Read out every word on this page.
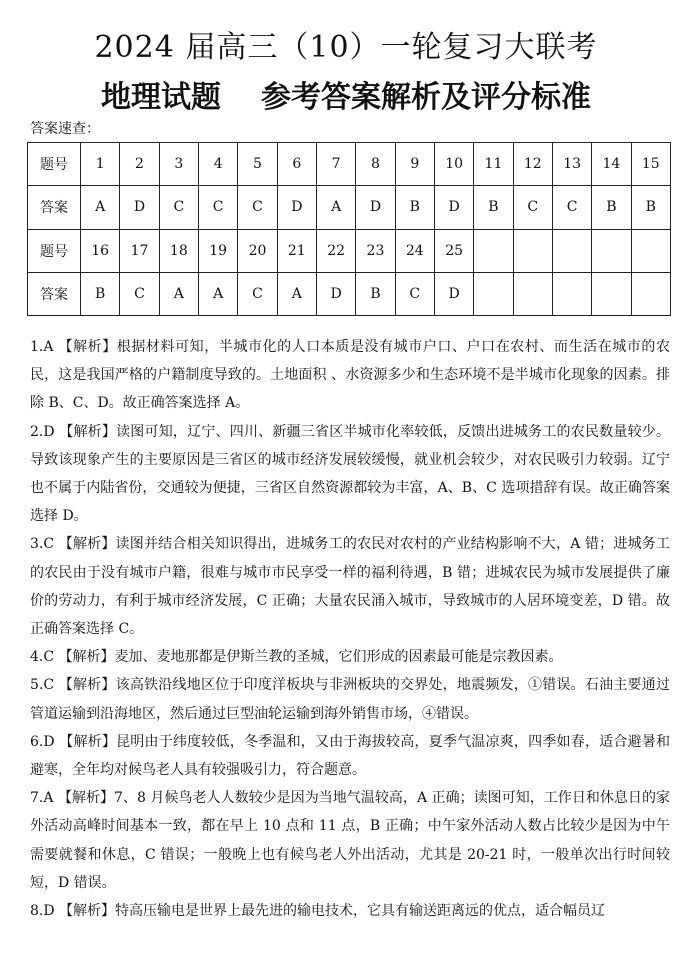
2024 届高三（10）一轮复习大联考
地理试题 参考答案解析及评分标准
答案速查：
题号	1	2	3	4	5	6	7	8	9	10	11	12	13	14	15
答案	A	D	C	C	C	D	A	D	B	D	B	C	C	B	B
题号	16	17	18	19	20	21	22	23	24	25					
答案	B	C	A	A	C	A	D	B	C	D					

1.A 【解析】根据材料可知，半城市化的人口本质是没有城市户口、户口在农村、而生活在城市的农民，这是我国严格的户籍制度导致的。土地面积 、水资源多少和生态环境不是半城市化现象的因素。排除 B、C、D。故正确答案选择 A。

2.D 【解析】读图可知，辽宁、四川、新疆三省区半城市化率较低，反馈出进城务工的农民数量较少。导致该现象产生的主要原因是三省区的城市经济发展较缓慢，就业机会较少，对农民吸引力较弱。辽宁也不属于内陆省份，交通较为便捷，三省区自然资源都较为丰富，A、B、C 选项措辞有误。故正确答案选择 D。

3.C 【解析】读图并结合相关知识得出，进城务工的农民对农村的产业结构影响不大，A 错；进城务工的农民由于没有城市户籍，很难与城市市民享受一样的福利待遇，B 错；进城农民为城市发展提供了廉价的劳动力，有利于城市经济发展，C 正确；大量农民涌入城市，导致城市的人居环境变差，D 错。故正确答案选择 C。

4.C 【解析】麦加、麦地那都是伊斯兰教的圣城，它们形成的因素最可能是宗教因素。

5.C 【解析】该高铁沿线地区位于印度洋板块与非洲板块的交界处，地震频发，①错误。石油主要通过管道运输到沿海地区，然后通过巨型油轮运输到海外销售市场，④错误。

6.D 【解析】昆明由于纬度较低，冬季温和，又由于海拔较高，夏季气温凉爽，四季如春，适合避暑和避寒，全年均对候鸟老人具有较强吸引力，符合题意。

7.A 【解析】7、8 月候鸟老人人数较少是因为当地气温较高，A 正确；读图可知，工作日和休息日的家外活动高峰时间基本一致，都在早上 10 点和 11 点，B 正确；中午家外活动人数占比较少是因为中午需要就餐和休息，C 错误；一般晚上也有候鸟老人外出活动，尤其是 20-21 时，一般单次出行时间较短，D 错误。

8.D 【解析】特高压输电是世界上最先进的输电技术，它具有输送距离远的优点，适合幅员辽
